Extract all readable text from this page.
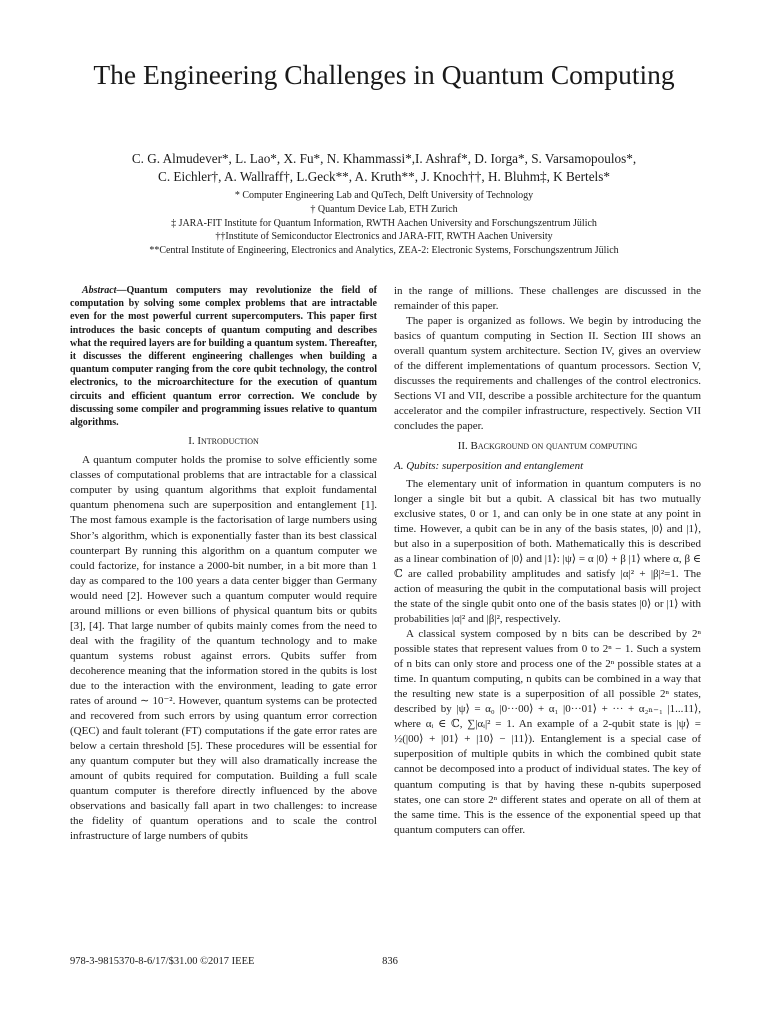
The Engineering Challenges in Quantum Computing
C. G. Almudever*, L. Lao*, X. Fu*, N. Khammassi*,I. Ashraf*, D. Iorga*, S. Varsamopoulos*,
C. Eichler†, A. Wallraff†, L.Geck**, A. Kruth**, J. Knoch††, H. Bluhm‡, K Bertels*
* Computer Engineering Lab and QuTech, Delft University of Technology
† Quantum Device Lab, ETH Zurich
‡ JARA-FIT Institute for Quantum Information, RWTH Aachen University and Forschungszentrum Jülich
††Institute of Semiconductor Electronics and JARA-FIT, RWTH Aachen University
**Central Institute of Engineering, Electronics and Analytics, ZEA-2: Electronic Systems, Forschungszentrum Jülich

Abstract—Quantum computers may revolutionize the field of computation by solving some complex problems that are intractable even for the most powerful current supercomputers. This paper first introduces the basic concepts of quantum computing and describes what the required layers are for building a quantum system. Thereafter, it discusses the different engineering challenges when building a quantum computer ranging from the core qubit technology, the control electronics, to the microarchitecture for the execution of quantum circuits and efficient quantum error correction. We conclude by discussing some compiler and programming issues relative to quantum algorithms.

I. Introduction

A quantum computer holds the promise to solve efficiently some classes of computational problems that are intractable for a classical computer by using quantum algorithms that exploit fundamental quantum phenomena such are superposition and entanglement [1]. The most famous example is the factorisation of large numbers using Shor’s algorithm, which is exponentially faster than its best classical counterpart By running this algorithm on a quantum computer we could factorize, for instance a 2000-bit number, in a bit more than 1 day as compared to the 100 years a data center bigger than Germany would need [2]. However such a quantum computer would require around millions or even billions of physical quantum bits or qubits [3], [4]. That large number of qubits mainly comes from the need to deal with the fragility of the quantum technology and to make quantum systems robust against errors. Qubits suffer from decoherence meaning that the information stored in the qubits is lost due to the interaction with the environment, leading to gate error rates of around ∼ 10⁻². However, quantum systems can be protected and recovered from such errors by using quantum error correction (QEC) and fault tolerant (FT) computations if the gate error rates are below a certain threshold [5]. These procedures will be essential for any quantum computer but they will also dramatically increase the amount of qubits required for computation. Building a full scale quantum computer is therefore directly influenced by the above observations and basically fall apart in two challenges: to increase the fidelity of quantum operations and to scale the control infrastructure of large numbers of qubits

in the range of millions. These challenges are discussed in the remainder of this paper.

The paper is organized as follows. We begin by introducing the basics of quantum computing in Section II. Section III shows an overall quantum system architecture. Section IV, gives an overview of the different implementations of quantum processors. Section V, discusses the requirements and challenges of the control electronics. Sections VI and VII, describe a possible architecture for the quantum accelerator and the compiler infrastructure, respectively. Section VII concludes the paper.

II. Background on quantum computing
A. Qubits: superposition and entanglement

The elementary unit of information in quantum computers is no longer a single bit but a qubit. A classical bit has two mutually exclusive states, 0 or 1, and can only be in one state at any point in time. However, a qubit can be in any of the basis states, |0⟩ and |1⟩, but also in a superposition of both. Mathematically this is described as a linear combination of |0⟩ and |1⟩: |ψ⟩ = α |0⟩ + β |1⟩ where α, β ∈ ℂ are called probability amplitudes and satisfy |α|² + |β|²=1. The action of measuring the qubit in the computational basis will project the state of the single qubit onto one of the basis states |0⟩ or |1⟩ with probabilities |α|² and |β|², respectively.

A classical system composed by n bits can be described by 2ⁿ possible states that represent values from 0 to 2ⁿ − 1. Such a system of n bits can only store and process one of the 2ⁿ possible states at a time. In quantum computing, n qubits can be combined in a way that the resulting new state is a superposition of all possible 2ⁿ states, described by |ψ⟩ = α₀ |0···00⟩ + α₁ |0···01⟩ + ··· + α₂ₙ₋₁ |1...11⟩, where αᵢ ∈ ℂ, ∑|αᵢ|² = 1. An example of a 2-qubit state is |ψ⟩ = ½(|00⟩ + |01⟩ + |10⟩ − |11⟩). Entanglement is a special case of superposition of multiple qubits in which the combined qubit state cannot be decomposed into a product of individual states. The key of quantum computing is that by having these n-qubits superposed states, one can store 2ⁿ different states and operate on all of them at the same time. This is the essence of the exponential speed up that quantum computers can offer.

978-3-9815370-8-6/17/$31.00 ©2017 IEEE	836
